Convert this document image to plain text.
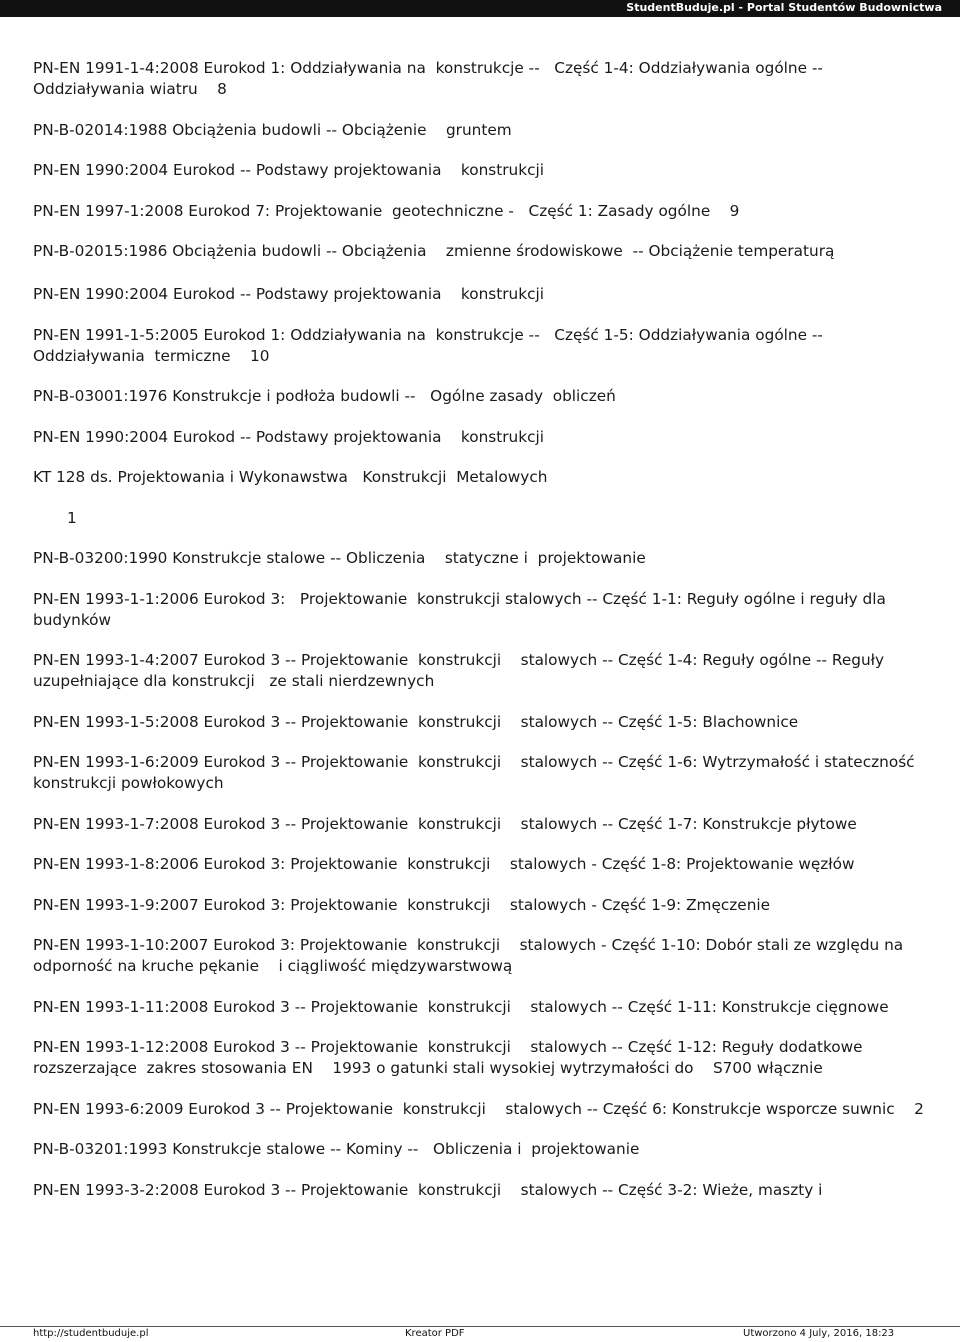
StudentBuduje.pl - Portal Studentów Budownictwa
PN-EN 1991-1-4:2008 Eurokod 1: Oddziaływania na  konstrukcje --   Część 1-4: Oddziaływania ogólne -- Oddziaływania wiatru    8
PN-B-02014:1988 Obciążenia budowli -- Obciążenie    gruntem
PN-EN 1990:2004 Eurokod -- Podstawy projektowania    konstrukcji
PN-EN 1997-1:2008 Eurokod 7: Projektowanie  geotechniczne -   Część 1: Zasady ogólne    9
PN-B-02015:1986 Obciążenia budowli -- Obciążenia    zmienne środowiskowe  -- Obciążenie temperaturą
PN-EN 1990:2004 Eurokod -- Podstawy projektowania    konstrukcji
PN-EN 1991-1-5:2005 Eurokod 1: Oddziaływania na  konstrukcje --   Część 1-5: Oddziaływania ogólne -- Oddziaływania  termiczne    10
PN-B-03001:1976 Konstrukcje i podłoża budowli --   Ogólne zasady  obliczeń
PN-EN 1990:2004 Eurokod -- Podstawy projektowania    konstrukcji
KT 128 ds. Projektowania i Wykonawstwa   Konstrukcji  Metalowych
1
PN-B-03200:1990 Konstrukcje stalowe -- Obliczenia    statyczne i  projektowanie
PN-EN 1993-1-1:2006 Eurokod 3:   Projektowanie  konstrukcji stalowych -- Część 1-1: Reguły ogólne i reguły dla    budynków
PN-EN 1993-1-4:2007 Eurokod 3 -- Projektowanie  konstrukcji    stalowych -- Część 1-4: Reguły ogólne -- Reguły  uzupełniające dla konstrukcji   ze stali nierdzewnych
PN-EN 1993-1-5:2008 Eurokod 3 -- Projektowanie  konstrukcji    stalowych -- Część 1-5: Blachownice
PN-EN 1993-1-6:2009 Eurokod 3 -- Projektowanie  konstrukcji    stalowych -- Część 1-6: Wytrzymałość i stateczność  konstrukcji powłokowych
PN-EN 1993-1-7:2008 Eurokod 3 -- Projektowanie  konstrukcji    stalowych -- Część 1-7: Konstrukcje płytowe
PN-EN 1993-1-8:2006 Eurokod 3: Projektowanie  konstrukcji    stalowych - Część 1-8: Projektowanie węzłów
PN-EN 1993-1-9:2007 Eurokod 3: Projektowanie  konstrukcji    stalowych - Część 1-9: Zmęczenie
PN-EN 1993-1-10:2007 Eurokod 3: Projektowanie  konstrukcji    stalowych - Część 1-10: Dobór stali ze względu na  odporność na kruche pękanie    i ciągliwość międzywarstwową
PN-EN 1993-1-11:2008 Eurokod 3 -- Projektowanie  konstrukcji    stalowych -- Część 1-11: Konstrukcje cięgnowe
PN-EN 1993-1-12:2008 Eurokod 3 -- Projektowanie  konstrukcji    stalowych -- Część 1-12: Reguły dodatkowe rozszerzające  zakres stosowania EN    1993 o gatunki stali wysokiej wytrzymałości do    S700 włącznie
PN-EN 1993-6:2009 Eurokod 3 -- Projektowanie  konstrukcji    stalowych -- Część 6: Konstrukcje wsporcze suwnic    2
PN-B-03201:1993 Konstrukcje stalowe -- Kominy --   Obliczenia i  projektowanie
PN-EN 1993-3-2:2008 Eurokod 3 -- Projektowanie  konstrukcji    stalowych -- Część 3-2: Wieże, maszty i
http://studentbuduje.pl	Kreator PDF	Utworzono 4 July, 2016, 18:23
